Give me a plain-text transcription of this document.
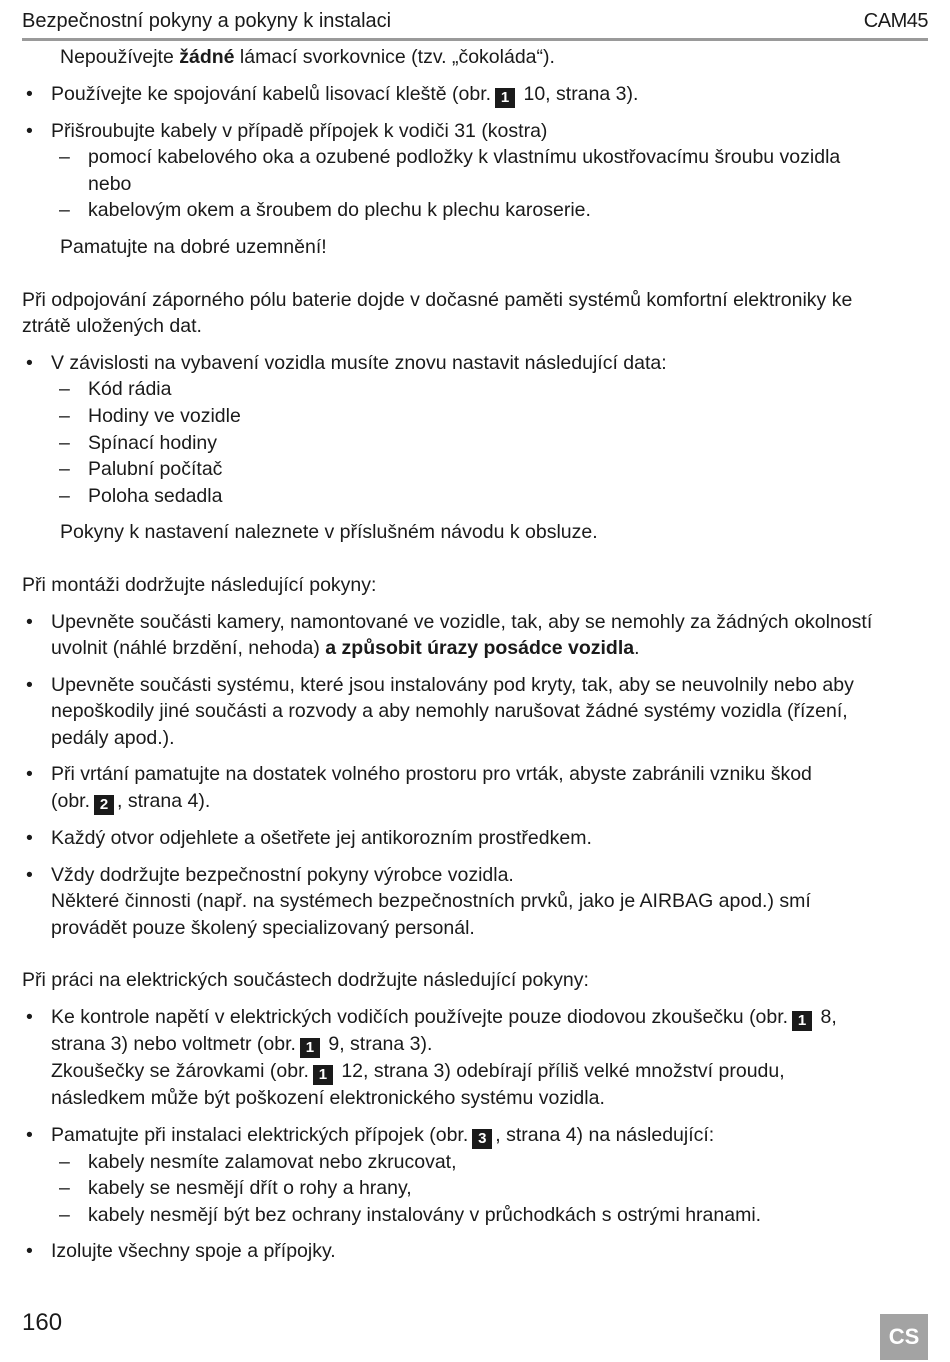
Bezpečnostní pokyny a pokyny k instalaci	CAM45
Nepoužívejte žádné lámací svorkovnice (tzv. „čokoláda“).
• Používejte ke spojování kabelů lisovací kleště (obr. 1 10, strana 3).
• Přišroubujte kabely v případě přípojek k vodiči 31 (kostra)
– pomocí kabelového oka a ozubené podložky k vlastnímu ukostřovacímu šroubu vozidla
nebo
– kabelovým okem a šroubem do plechu k plechu karoserie.
Pamatujte na dobré uzemnění!
Při odpojování záporného pólu baterie dojde v dočasné paměti systémů komfortní elektroniky ke
ztrátě uložených dat.
• V závislosti na vybavení vozidla musíte znovu nastavit následující data:
– Kód rádia
– Hodiny ve vozidle
– Spínací hodiny
– Palubní počítač
– Poloha sedadla
Pokyny k nastavení naleznete v příslušném návodu k obsluze.
Při montáži dodržujte následující pokyny:
• Upevněte součásti kamery, namontované ve vozidle, tak, aby se nemohly za žádných okolností
uvolnit (náhlé brzdění, nehoda) a způsobit úrazy posádce vozidla.
• Upevněte součásti systému, které jsou instalovány pod kryty, tak, aby se neuvolnily nebo aby
nepoškodily jiné součásti a rozvody a aby nemohly narušovat žádné systémy vozidla (řízení,
pedály apod.).
• Při vrtání pamatujte na dostatek volného prostoru pro vrták, abyste zabránili vzniku škod
(obr. 2 , strana 4).
• Každý otvor odjehlete a ošetřete jej antikorozním prostředkem.
• Vždy dodržujte bezpečnostní pokyny výrobce vozidla.
Některé činnosti (např. na systémech bezpečnostních prvků, jako je AIRBAG apod.) smí
provádět pouze školený specializovaný personál.
Při práci na elektrických součástech dodržujte následující pokyny:
• Ke kontrole napětí v elektrických vodičích používejte pouze diodovou zkoušečku (obr. 1 8,
strana 3) nebo voltmetr (obr. 1 9, strana 3).
Zkoušečky se žárovkami (obr. 1 12, strana 3) odebírají příliš velké množství proudu,
následkem může být poškození elektronického systému vozidla.
• Pamatujte při instalaci elektrických přípojek (obr. 3 , strana 4) na následující:
– kabely nesmíte zalamovat nebo zkrucovat,
– kabely se nesmějí dřít o rohy a hrany,
– kabely nesmějí být bez ochrany instalovány v průchodkách s ostrými hranami.
• Izolujte všechny spoje a přípojky.
160
CS
